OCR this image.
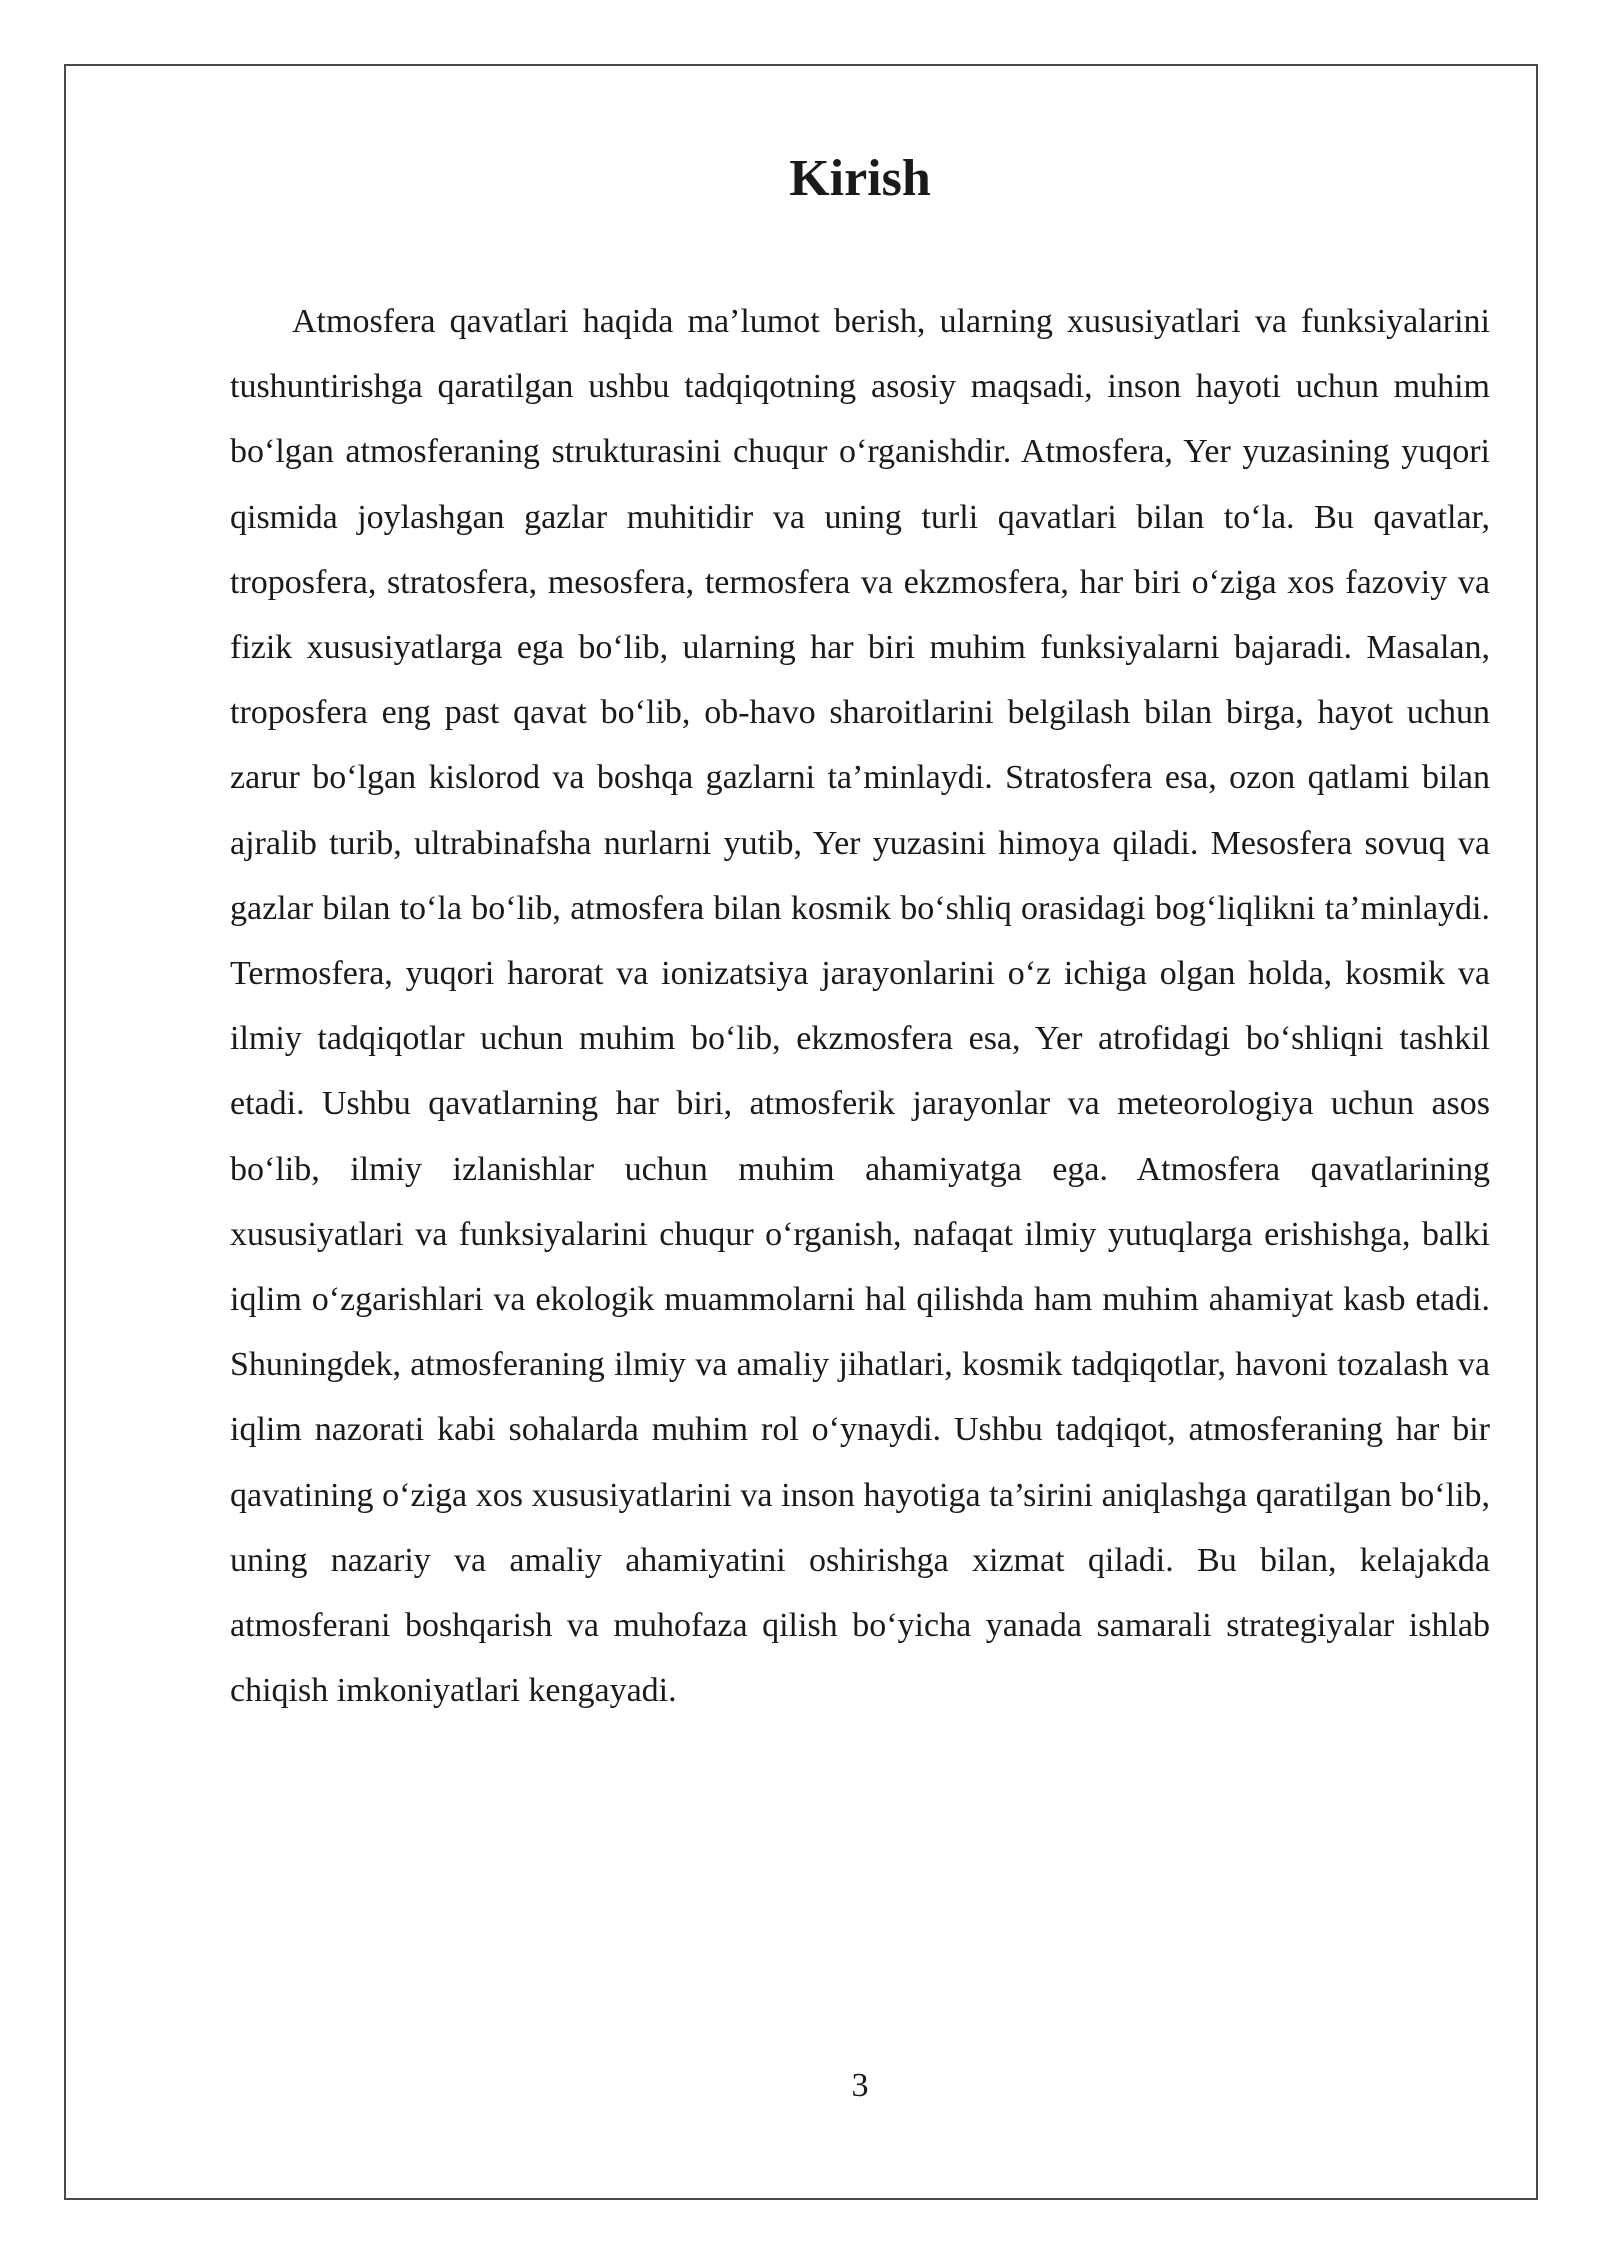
Kirish

Atmosfera qavatlari haqida ma’lumot berish, ularning xususiyatlari va funksiyalarini tushuntirishga qaratilgan ushbu tadqiqotning asosiy maqsadi, inson hayoti uchun muhim bo‘lgan atmosferaning strukturasini chuqur o‘rganishdir. Atmosfera, Yer yuzasining yuqori qismida joylashgan gazlar muhitidir va uning turli qavatlari bilan to‘la. Bu qavatlar, troposfera, stratosfera, mesosfera, termosfera va ekzmosfera, har biri o‘ziga xos fazoviy va fizik xususiyatlarga ega bo‘lib, ularning har biri muhim funksiyalarni bajaradi. Masalan, troposfera eng past qavat bo‘lib, ob-havo sharoitlarini belgilash bilan birga, hayot uchun zarur bo‘lgan kislorod va boshqa gazlarni ta’minlaydi. Stratosfera esa, ozon qatlami bilan ajralib turib, ultrabinafsha nurlarni yutib, Yer yuzasini himoya qiladi. Mesosfera sovuq va gazlar bilan to‘la bo‘lib, atmosfera bilan kosmik bo‘shliq orasidagi bog‘liqlikni ta’minlaydi. Termosfera, yuqori harorat va ionizatsiya jarayonlarini o‘z ichiga olgan holda, kosmik va ilmiy tadqiqotlar uchun muhim bo‘lib, ekzmosfera esa, Yer atrofidagi bo‘shliqni tashkil etadi. Ushbu qavatlarning har biri, atmosferik jarayonlar va meteorologiya uchun asos bo‘lib, ilmiy izlanishlar uchun muhim ahamiyatga ega. Atmosfera qavatlarining xususiyatlari va funksiyalarini chuqur o‘rganish, nafaqat ilmiy yutuqlarga erishishga, balki iqlim o‘zgarishlari va ekologik muammolarni hal qilishda ham muhim ahamiyat kasb etadi. Shuningdek, atmosferaning ilmiy va amaliy jihatlari, kosmik tadqiqotlar, havoni tozalash va iqlim nazorati kabi sohalarda muhim rol o‘ynaydi. Ushbu tadqiqot, atmosferaning har bir qavatining o‘ziga xos xususiyatlarini va inson hayotiga ta’sirini aniqlashga qaratilgan bo‘lib, uning nazariy va amaliy ahamiyatini oshirishga xizmat qiladi. Bu bilan, kelajakda atmosferani boshqarish va muhofaza qilish bo‘yicha yanada samarali strategiyalar ishlab chiqish imkoniyatlari kengayadi.

3
